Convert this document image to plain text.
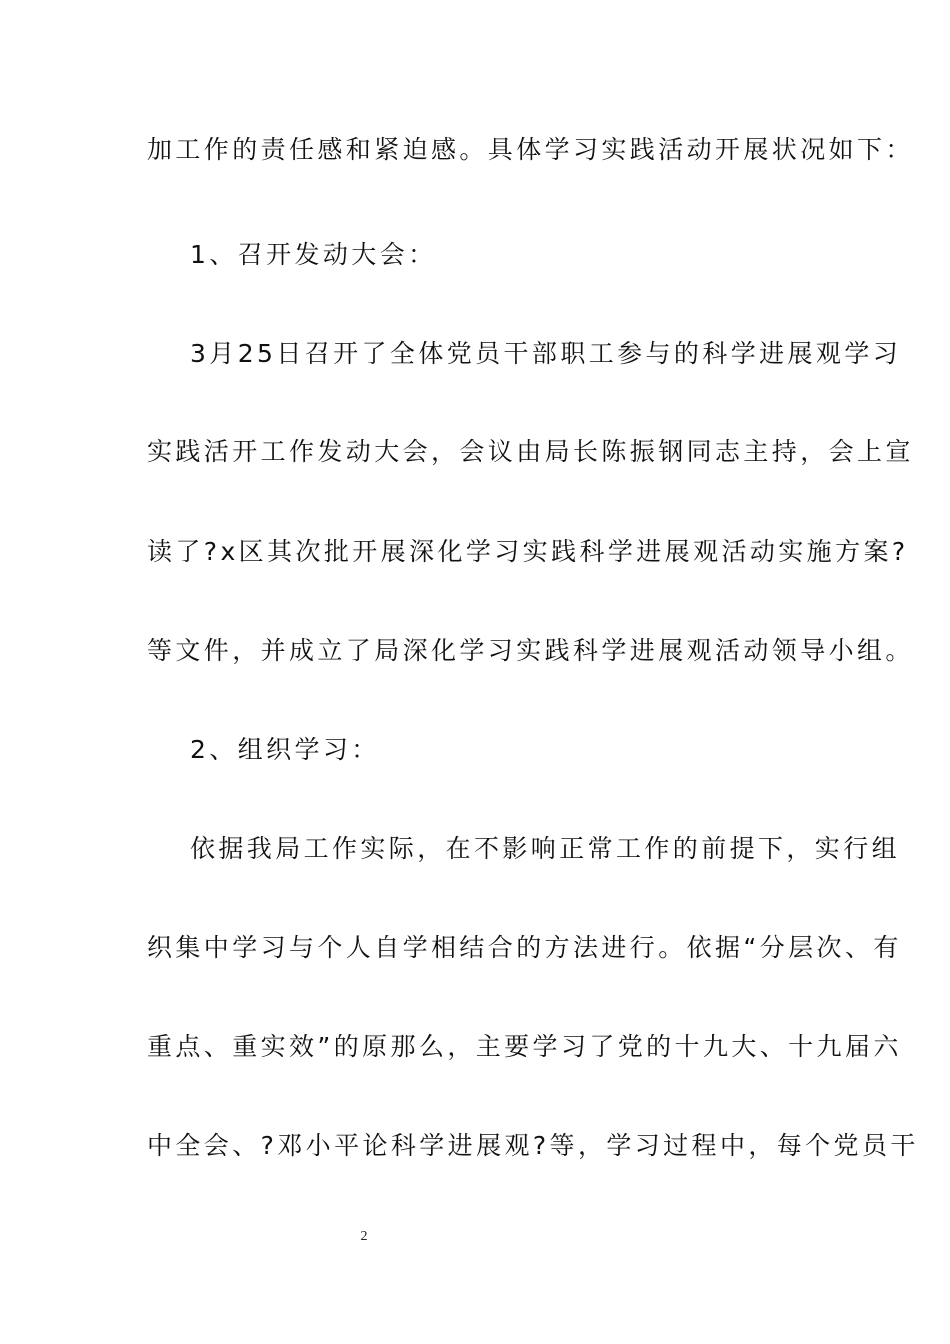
加工作的责任感和紧迫感。具体学习实践活动开展状况如下：
1、召开发动大会：
3月25日召开了全体党员干部职工参与的科学进展观学习
实践活开工作发动大会，会议由局长陈振钢同志主持，会上宣
读了?x区其次批开展深化学习实践科学进展观活动实施方案?
等文件，并成立了局深化学习实践科学进展观活动领导小组。
2、组织学习：
依据我局工作实际，在不影响正常工作的前提下，实行组
织集中学习与个人自学相结合的方法进行。依据“分层次、有
重点、重实效”的原那么，主要学习了党的十九大、十九届六
中全会、?邓小平论科学进展观?等，学习过程中，每个党员干
2
